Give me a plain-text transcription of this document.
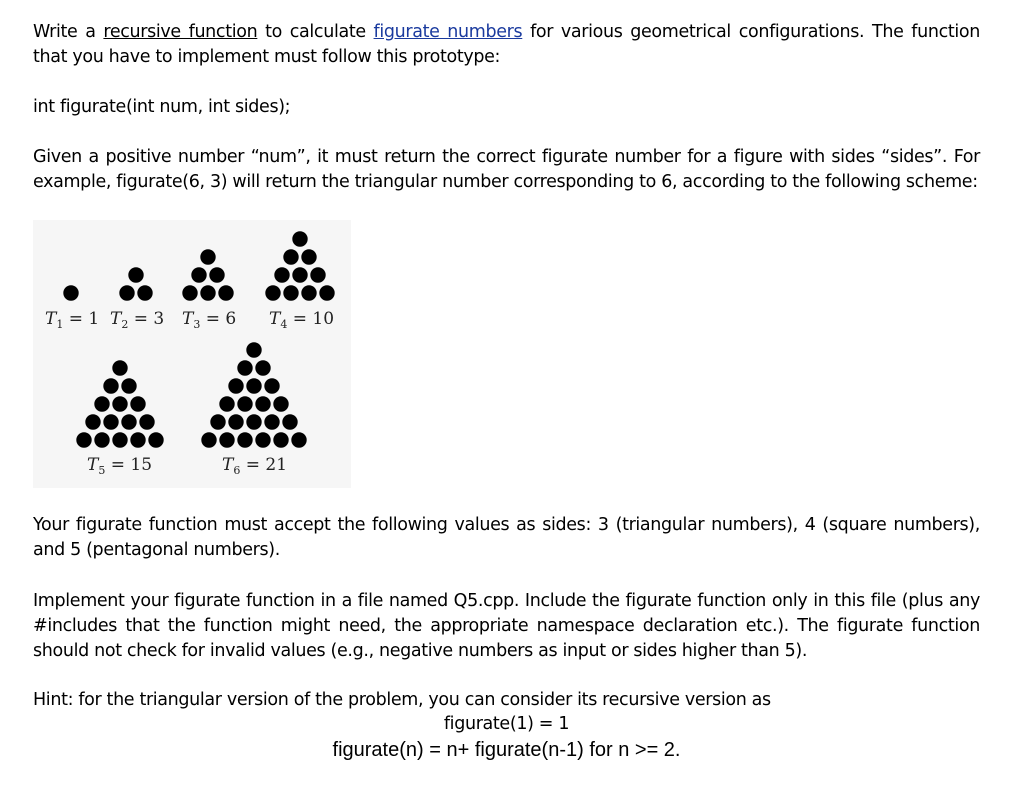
Write a recursive function to calculate figurate numbers for various geometrical configurations. The function that you have to implement must follow this prototype:

int figurate(int num, int sides);

Given a positive number “num”, it must return the correct figurate number for a figure with sides “sides”. For example, figurate(6, 3) will return the triangular number corresponding to 6, according to the following scheme:

Your figurate function must accept the following values as sides: 3 (triangular numbers), 4 (square numbers), and 5 (pentagonal numbers).

Implement your figurate function in a file named Q5.cpp. Include the figurate function only in this file (plus any #includes that the function might need, the appropriate namespace declaration etc.). The figurate function should not check for invalid values (e.g., negative numbers as input or sides higher than 5).

Hint: for the triangular version of the problem, you can consider its recursive version as

figurate(1) = 1
figurate(n) = n+ figurate(n-1) for n >= 2.
$T_1 = 1$ $T_2 = 3$ $T_3 = 6$ $T_4 = 10$
$T_5 = 15$	$T_6 = 21$
